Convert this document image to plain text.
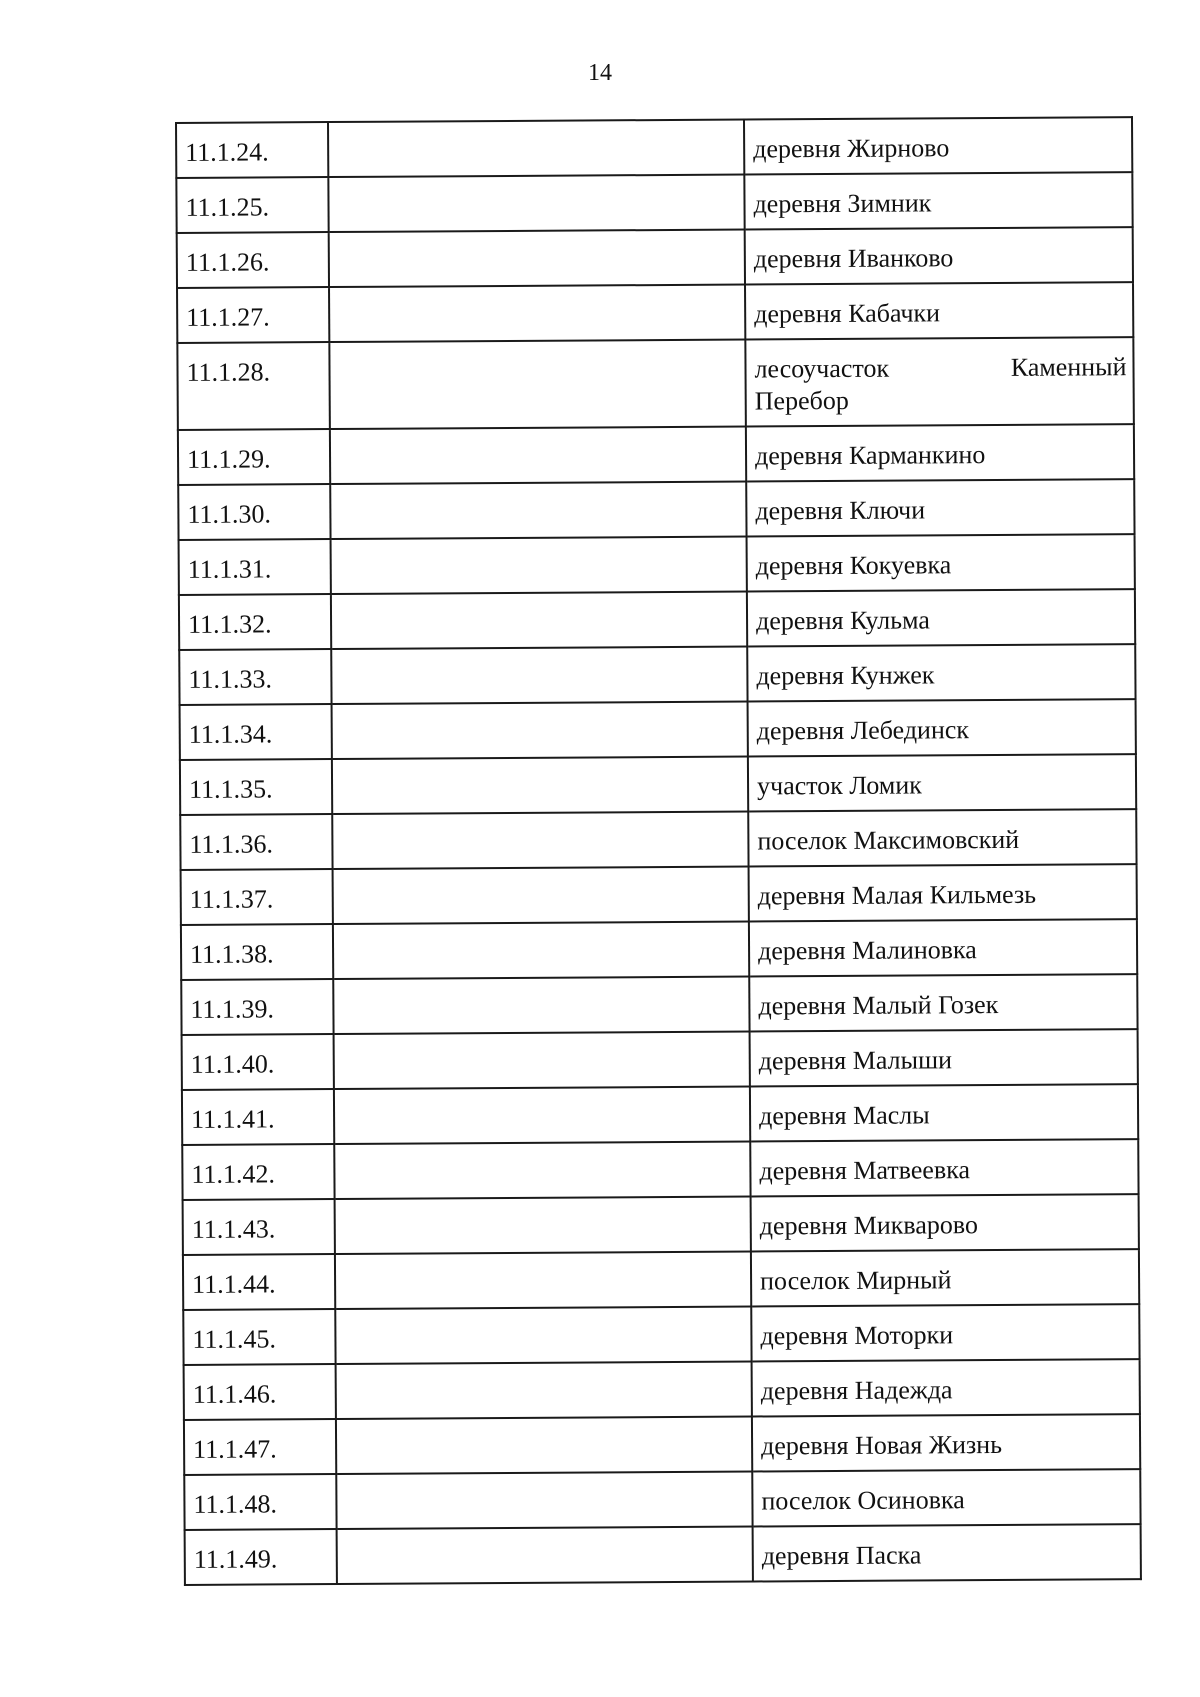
14
11.1.24.		деревня Жирново
11.1.25.		деревня Зимник
11.1.26.		деревня Иванково
11.1.27.		деревня Кабачки
11.1.28.		лесоучасток Каменный
Перебор

11.1.29.		деревня Карманкино
11.1.30.		деревня Ключи
11.1.31.		деревня Кокуевка
11.1.32.		деревня Кульма
11.1.33.		деревня Кунжек
11.1.34.		деревня Лебединск
11.1.35.		участок Ломик
11.1.36.		поселок Максимовский
11.1.37.		деревня Малая Кильмезь
11.1.38.		деревня Малиновка
11.1.39.		деревня Малый Гозек
11.1.40.		деревня Малыши
11.1.41.		деревня Маслы
11.1.42.		деревня Матвеевка
11.1.43.		деревня Микварово
11.1.44.		поселок Мирный
11.1.45.		деревня Моторки
11.1.46.		деревня Надежда
11.1.47.		деревня Новая Жизнь
11.1.48.		поселок Осиновка
11.1.49.		деревня Паска
